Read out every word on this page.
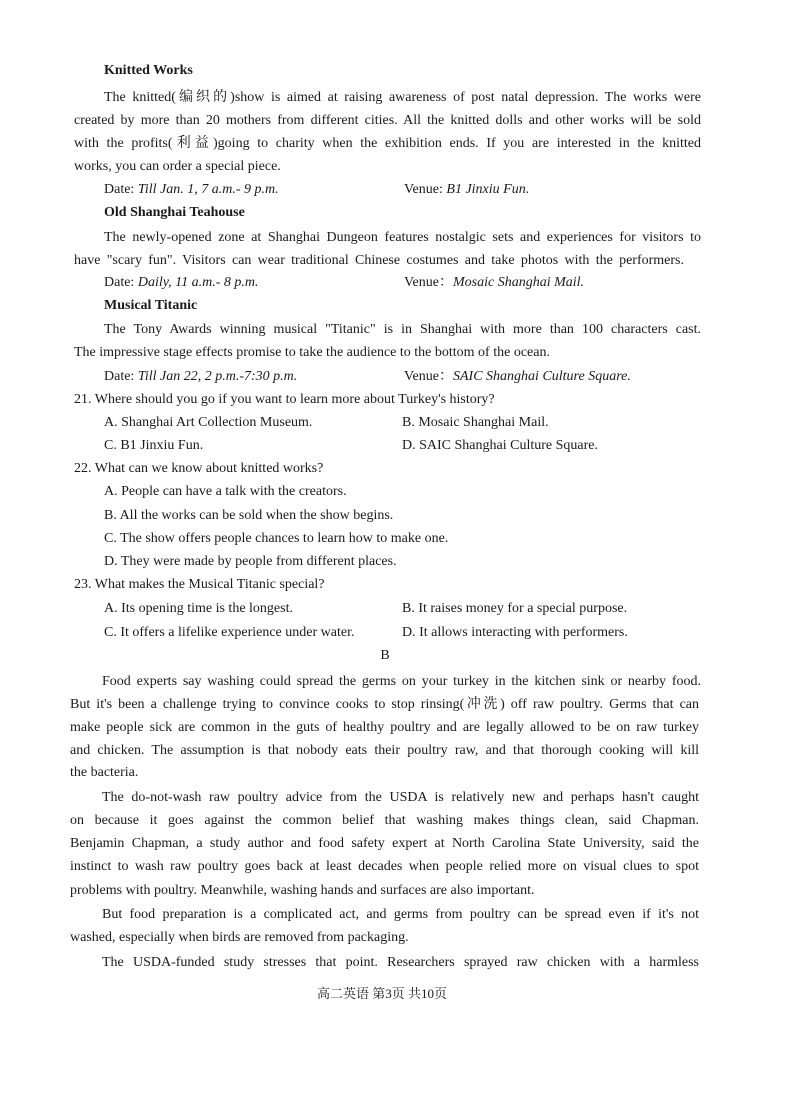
Knitted Works
The knitted(编织的)show is aimed at raising awareness of post natal depression. The works were
created by more than 20 mothers from different cities. All the knitted dolls and other works will be sold
with the profits(利益)going to charity when the exhibition ends. If you are interested in the knitted
works, you can order a special piece.
Date: Till Jan. 1, 7 a.m.- 9 p.m.	Venue: B1 Jinxiu Fun.
Old Shanghai Teahouse
The newly-opened zone at Shanghai Dungeon features nostalgic sets and experiences for visitors to
have "scary fun". Visitors can wear traditional Chinese costumes and take photos with the performers.
Date: Daily, 11 a.m.- 8 p.m.	Venue：Mosaic Shanghai Mail.
Musical Titanic
The Tony Awards winning musical "Titanic" is in Shanghai with more than 100 characters cast.
The impressive stage effects promise to take the audience to the bottom of the ocean.
Date: Till Jan 22, 2 p.m.-7:30 p.m.	Venue：SAIC Shanghai Culture Square.
21. Where should you go if you want to learn more about Turkey's history?
A. Shanghai Art Collection Museum.	B. Mosaic Shanghai Mail.
C. B1 Jinxiu Fun.	D. SAIC Shanghai Culture Square.
22. What can we know about knitted works?
A. People can have a talk with the creators.
B. All the works can be sold when the show begins.
C. The show offers people chances to learn how to make one.
D. They were made by people from different places.
23. What makes the Musical Titanic special?
A. Its opening time is the longest.	B. It raises money for a special purpose.
C. It offers a lifelike experience under water.	D. It allows interacting with performers.
B
Food experts say washing could spread the germs on your turkey in the kitchen sink or nearby food.
But it's been a challenge trying to convince cooks to stop rinsing(冲洗) off raw poultry. Germs that can
make people sick are common in the guts of healthy poultry and are legally allowed to be on raw turkey
and chicken. The assumption is that nobody eats their poultry raw, and that thorough cooking will kill
the bacteria.
The do-not-wash raw poultry advice from the USDA is relatively new and perhaps hasn't caught
on because it goes against the common belief that washing makes things clean, said Chapman.
Benjamin Chapman, a study author and food safety expert at North Carolina State University, said the
instinct to wash raw poultry goes back at least decades when people relied more on visual clues to spot
problems with poultry. Meanwhile, washing hands and surfaces are also important.
But food preparation is a complicated act, and germs from poultry can be spread even if it's not
washed, especially when birds are removed from packaging.
The USDA-funded study stresses that point. Researchers sprayed raw chicken with a harmless
高二英语 第3页 共10页
